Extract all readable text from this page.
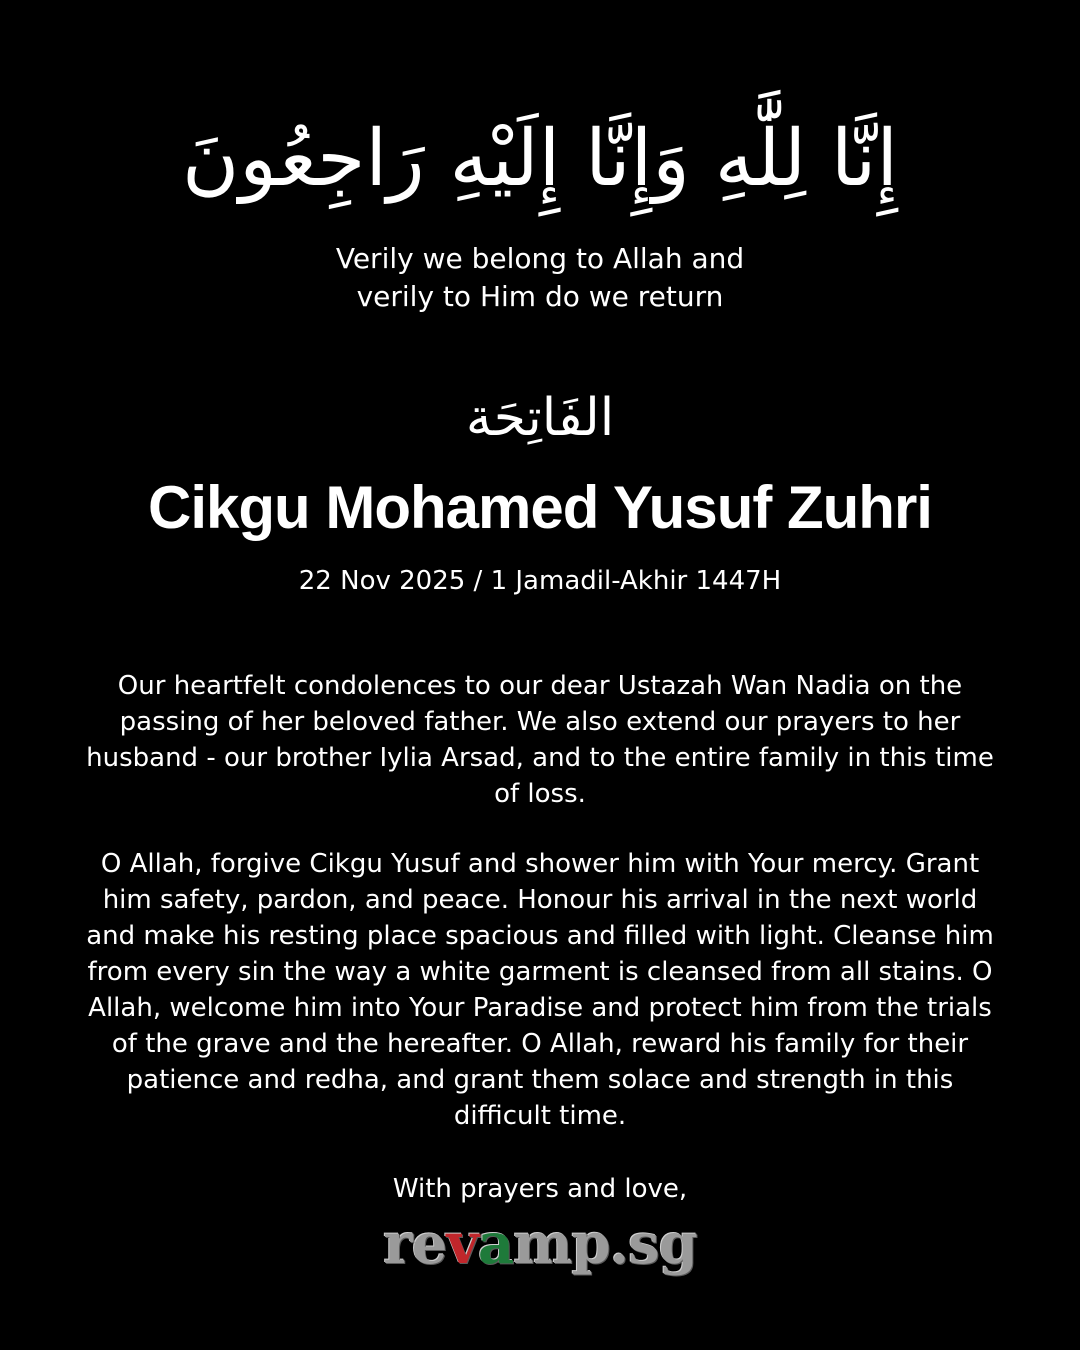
إِنَّا لِلَّٰهِ وَإِنَّا إِلَيْهِ رَاجِعُونَ

Verily we belong to Allah and
verily to Him do we return

الفَاتِحَة

Cikgu Mohamed Yusuf Zuhri

22 Nov 2025 / 1 Jamadil-Akhir 1447H

Our heartfelt condolences to our dear Ustazah Wan Nadia on the passing of her beloved father. We also extend our prayers to her husband - our brother Iylia Arsad, and to the entire family in this time of loss.

O Allah, forgive Cikgu Yusuf and shower him with Your mercy. Grant him safety, pardon, and peace. Honour his arrival in the next world and make his resting place spacious and filled with light. Cleanse him from every sin the way a white garment is cleansed from all stains. O Allah, welcome him into Your Paradise and protect him from the trials of the grave and the hereafter. O Allah, reward his family for their patience and redha, and grant them solace and strength in this difficult time.

With prayers and love,

revamp.sg
